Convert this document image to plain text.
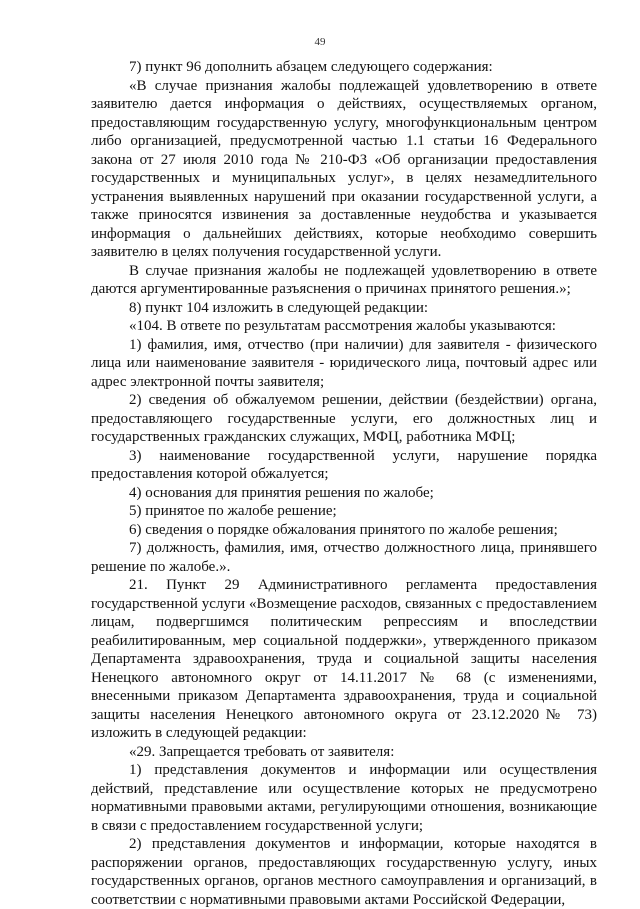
49

7) пункт 96 дополнить абзацем следующего содержания:

«В случае признания жалобы подлежащей удовлетворению в ответе заявителю дается информация о действиях, осуществляемых органом, предоставляющим государственную услугу, многофункциональным центром либо организацией, предусмотренной частью 1.1 статьи 16 Федерального закона от 27 июля 2010 года № 210-ФЗ «Об организации предоставления государственных и муниципальных услуг», в целях незамедлительного устранения выявленных нарушений при оказании государственной услуги, а также приносятся извинения за доставленные неудобства и указывается информация о дальнейших действиях, которые необходимо совершить заявителю в целях получения государственной услуги.

В случае признания жалобы не подлежащей удовлетворению в ответе даются аргументированные разъяснения о причинах принятого решения.»;

8) пункт 104 изложить в следующей редакции:

«104. В ответе по результатам рассмотрения жалобы указываются:

1) фамилия, имя, отчество (при наличии) для заявителя - физического лица или наименование заявителя - юридического лица, почтовый адрес или адрес электронной почты заявителя;

2) сведения об обжалуемом решении, действии (бездействии) органа, предоставляющего государственные услуги, его должностных лиц и государственных гражданских служащих, МФЦ, работника МФЦ;

3) наименование государственной услуги, нарушение порядка предоставления которой обжалуется;

4) основания для принятия решения по жалобе;

5) принятое по жалобе решение;

6) сведения о порядке обжалования принятого по жалобе решения;

7) должность, фамилия, имя, отчество должностного лица, принявшего решение по жалобе.».

21. Пункт 29 Административного регламента предоставления государственной услуги «Возмещение расходов, связанных с предоставлением лицам, подвергшимся политическим репрессиям и впоследствии реабилитированным, мер социальной поддержки», утвержденного приказом Департамента здравоохранения, труда и социальной защиты населения Ненецкого автономного округ от 14.11.2017 № 68 (с изменениями, внесенными приказом Департамента здравоохранения, труда и социальной защиты населения Ненецкого автономного округа от 23.12.2020№ 73) изложить в следующей редакции:

«29. Запрещается требовать от заявителя:

1) представления документов и информации или осуществления действий, представление или осуществление которых не предусмотрено нормативными правовыми актами, регулирующими отношения, возникающие в связи с предоставлением государственной услуги;

2) представления документов и информации, которые находятся в распоряжении органов, предоставляющих государственную услугу, иных государственных органов, органов местного самоуправления и организаций, в соответствии с нормативными правовыми актами Российской Федерации,
